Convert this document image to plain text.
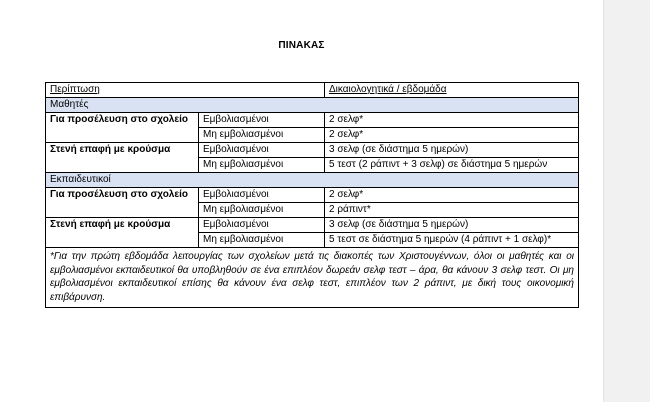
ΠΙΝΑΚΑΣ
Περίπτωση		Δικαιολογητικά / εβδομάδα
Μαθητές		
Για προσέλευση στο σχολείο	Εμβολιασμένοι	2 σελφ*
	Μη εμβολιασμένοι	2 σελφ*
Στενή επαφή με κρούσμα	Εμβολιασμένοι	3 σελφ (σε διάστημα 5 ημερών)
	Μη εμβολιασμένοι	5 τεστ (2 ράπιντ + 3 σελφ) σε διάστημα 5 ημερών
Εκπαιδευτικοί		
Για προσέλευση στο σχολείο	Εμβολιασμένοι	2 σελφ*
	Μη εμβολιασμένοι	2 ράπιντ*
Στενή επαφή με κρούσμα	Εμβολιασμένοι	3 σελφ (σε διάστημα 5 ημερών)
	Μη εμβολιασμένοι	5 τεστ σε διάστημα 5 ημερών (4 ράπιντ + 1 σελφ)*
*Για την πρώτη εβδομάδα λειτουργίας των σχολείων μετά τις διακοπές των Χριστουγέννων, όλοι οι μαθητές και οι εμβολιασμένοι εκπαιδευτικοί θα υποβληθούν σε ένα επιπλέον δωρεάν σελφ τεστ – άρα, θα κάνουν 3 σελφ τεστ. Οι μη εμβολιασμένοι εκπαιδευτικοί επίσης θα κάνουν ένα σελφ τεστ, επιπλέον των 2 ράπιντ, με δική τους οικονομική επιβάρυνση.		
